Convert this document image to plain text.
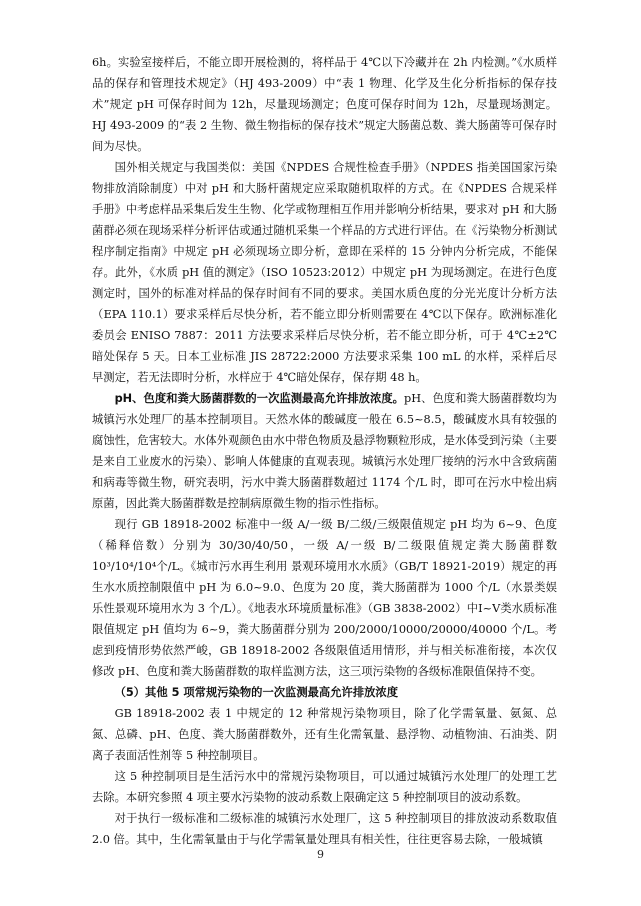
6h。实验室接样后，不能立即开展检测的，将样品于 4℃以下冷藏并在 2h 内检测。”《水质样品的保存和管理技术规定》（HJ 493-2009）中“表 1 物理、化学及生化分析指标的保存技术”规定 pH 可保存时间为 12h，尽量现场测定；色度可保存时间为 12h，尽量现场测定。HJ 493-2009 的“表 2 生物、微生物指标的保存技术”规定大肠菌总数、粪大肠菌等可保存时间为尽快。

国外相关规定与我国类似：美国《NPDES 合规性检查手册》（NPDES 指美国国家污染物排放消除制度）中对 pH 和大肠杆菌规定应采取随机取样的方式。在《NPDES 合规采样手册》中考虑样品采集后发生生物、化学或物理相互作用并影响分析结果，要求对 pH 和大肠菌群必须在现场采样分析评估或通过随机采集一个样品的方式进行评估。在《污染物分析测试程序制定指南》中规定 pH 必须现场立即分析，意即在采样的 15 分钟内分析完成，不能保存。此外，《水质 pH 值的测定》（ISO 10523:2012）中规定 pH 为现场测定。在进行色度测定时，国外的标准对样品的保存时间有不同的要求。美国水质色度的分光光度计分析方法（EPA 110.1）要求采样后尽快分析，若不能立即分析则需要在 4℃以下保存。欧洲标准化委员会 ENISO 7887：2011 方法要求采样后尽快分析，若不能立即分析，可于 4℃±2℃暗处保存 5 天。日本工业标准 JIS 28722:2000 方法要求采集 100 mL 的水样，采样后尽早测定，若无法即时分析，水样应于 4℃暗处保存，保存期 48 h。

pH、色度和粪大肠菌群数的一次监测最高允许排放浓度。pH、色度和粪大肠菌群数均为城镇污水处理厂的基本控制项目。天然水体的酸碱度一般在 6.5~8.5，酸碱废水具有较强的腐蚀性，危害较大。水体外观颜色由水中带色物质及悬浮物颗粒形成，是水体受到污染（主要是来自工业废水的污染）、影响人体健康的直观表现。城镇污水处理厂接纳的污水中含致病菌和病毒等微生物，研究表明，污水中粪大肠菌群数超过 1174 个/L 时，即可在污水中检出病原菌，因此粪大肠菌群数是控制病原微生物的指示性指标。

现行 GB 18918-2002 标准中一级 A/一级 B/二级/三级限值规定 pH 均为 6~9、色度（稀释倍数）分别为 30/30/40/50，一级 A/一级 B/二级限值规定粪大肠菌群数 10³/10⁴/10⁴个/L。《城市污水再生利用 景观环境用水水质》（GB/T 18921-2019）规定的再生水水质控制限值中 pH 为 6.0~9.0、色度为 20 度，粪大肠菌群为 1000 个/L（水景类娱乐性景观环境用水为 3 个/L）。《地表水环境质量标准》（GB 3838-2002）中Ⅰ~Ⅴ类水质标准限值规定 pH 值均为 6~9，粪大肠菌群分别为 200/2000/10000/20000/40000 个/L。考虑到疫情形势依然严峻，GB 18918-2002 各级限值适用情形，并与相关标准衔接，本次仅修改 pH、色度和粪大肠菌群数的取样监测方法，这三项污染物的各级标准限值保持不变。

（5）其他 5 项常规污染物的一次监测最高允许排放浓度

GB 18918-2002 表 1 中规定的 12 种常规污染物项目，除了化学需氧量、氨氮、总氮、总磷、pH、色度、粪大肠菌群数外，还有生化需氧量、悬浮物、动植物油、石油类、阴离子表面活性剂等 5 种控制项目。

这 5 种控制项目是生活污水中的常规污染物项目，可以通过城镇污水处理厂的处理工艺去除。本研究参照 4 项主要水污染物的波动系数上限确定这 5 种控制项目的波动系数。

对于执行一级标准和二级标准的城镇污水处理厂，这 5 种控制项目的排放波动系数取值2.0 倍。其中，生化需氧量由于与化学需氧量处理具有相关性，往往更容易去除，一般城镇

9
